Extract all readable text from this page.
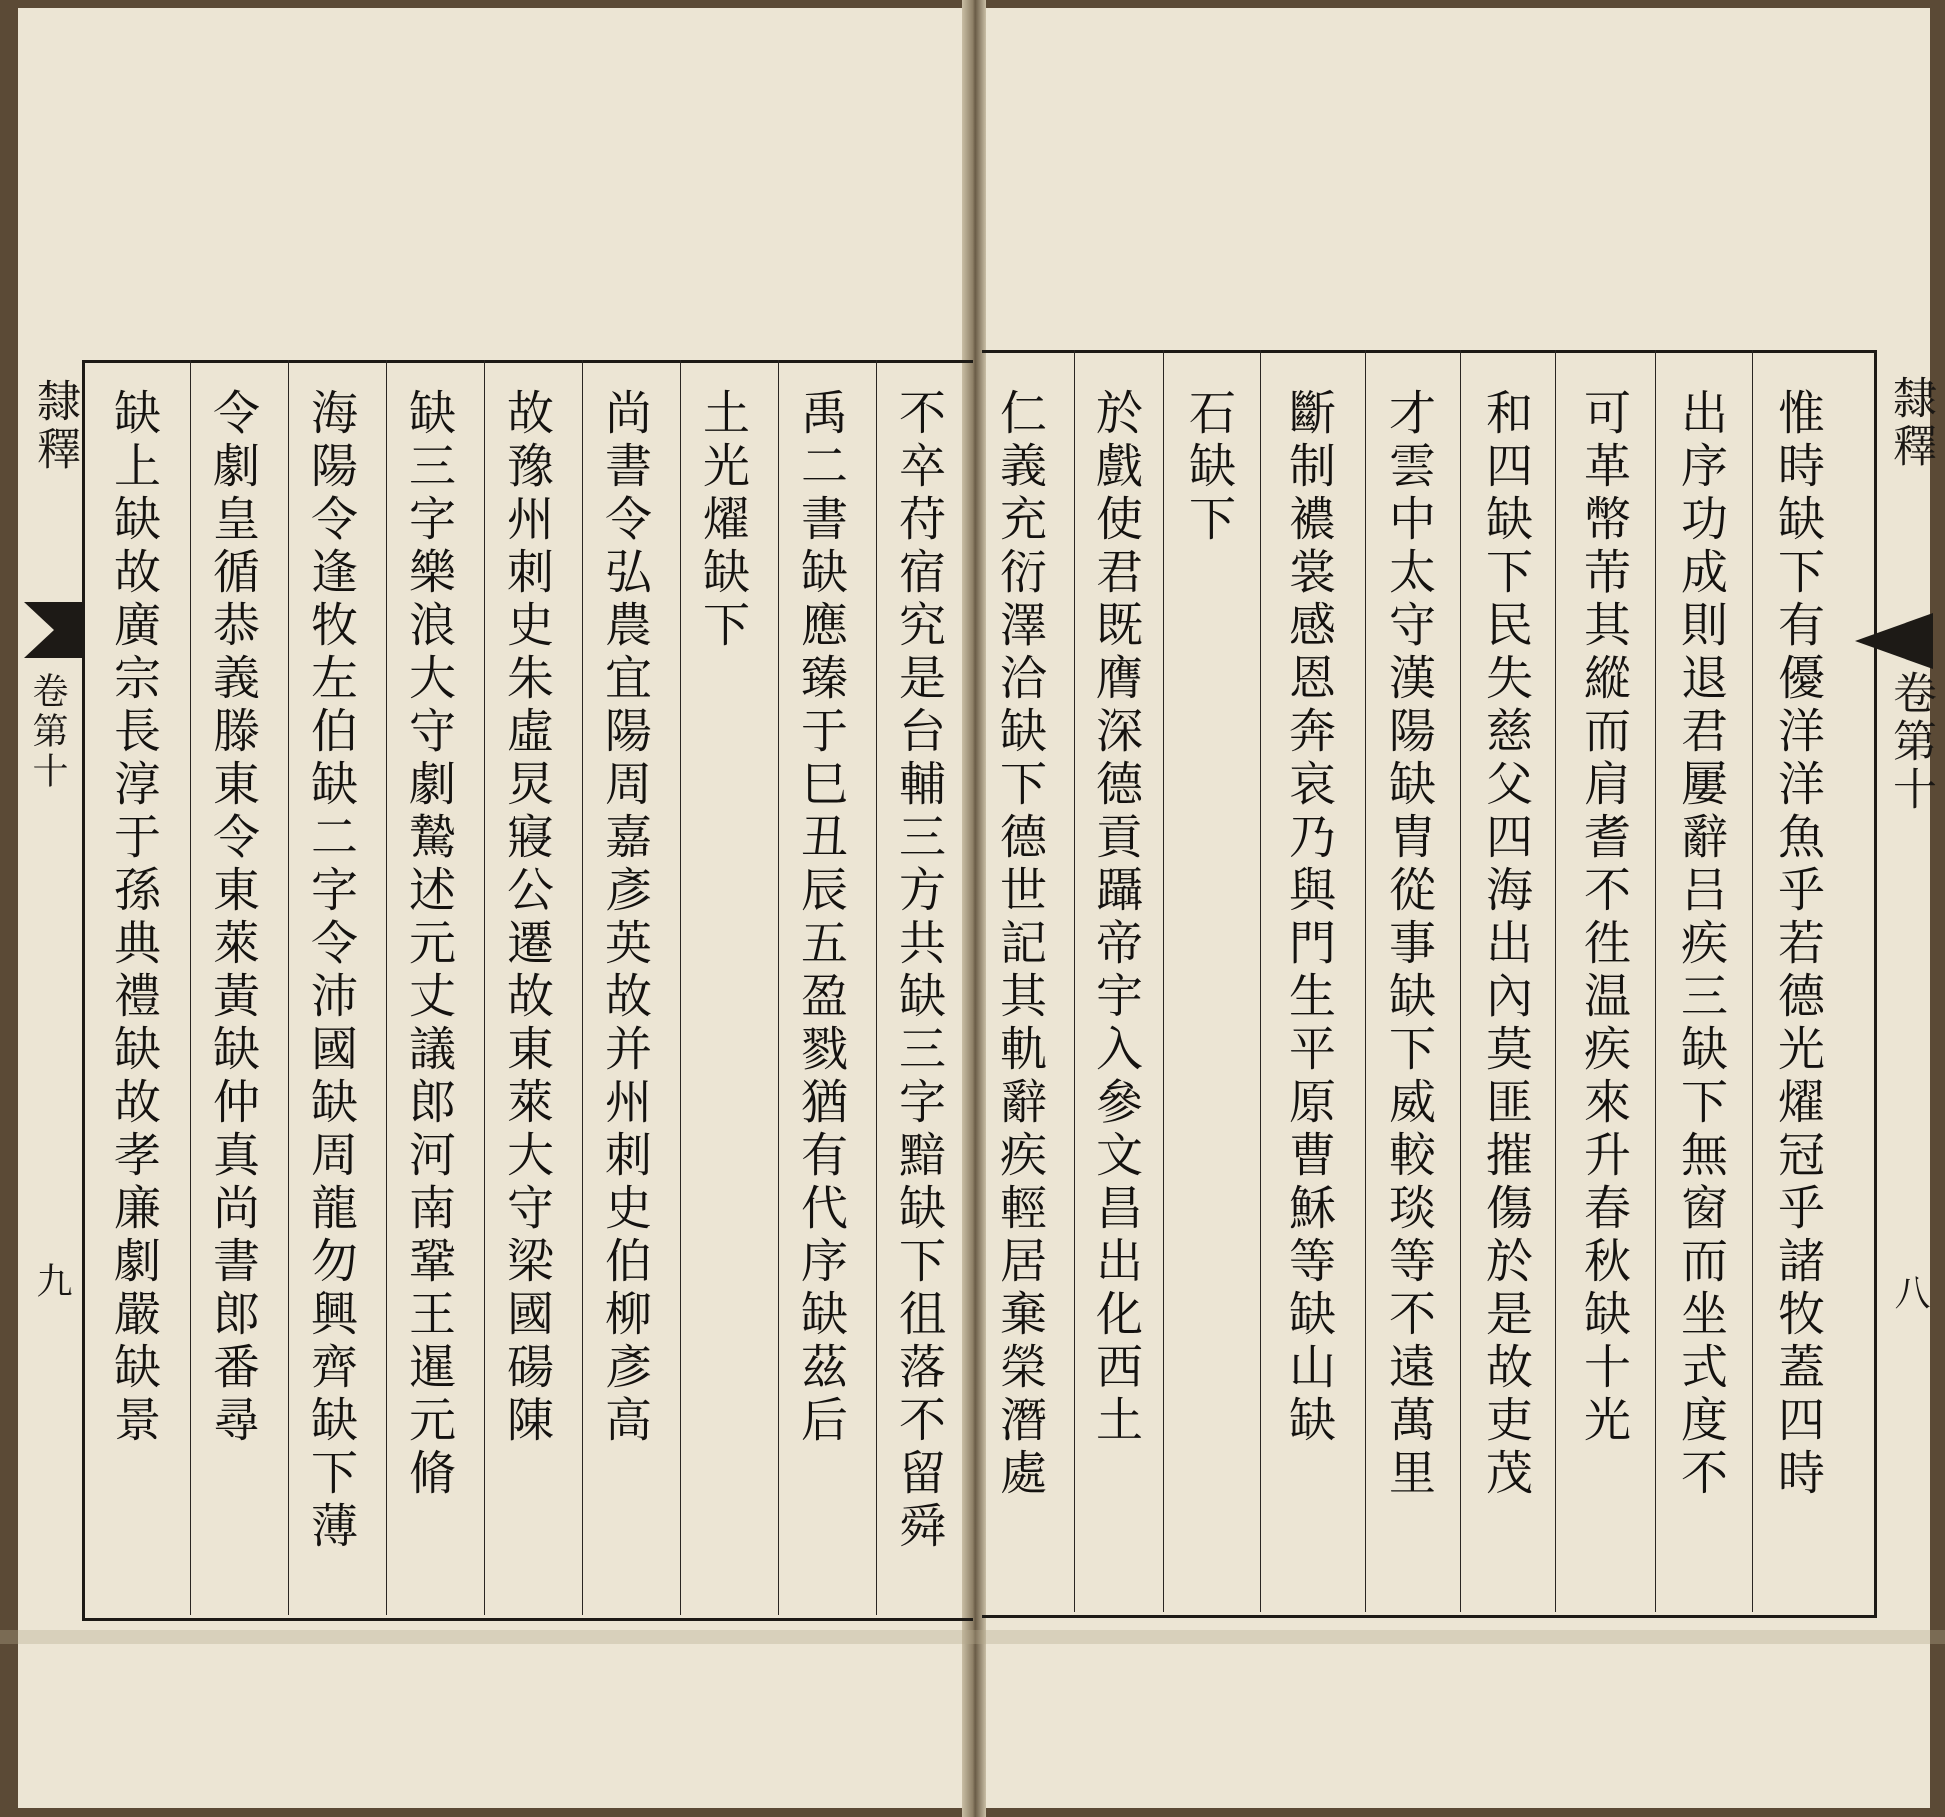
隸釋
卷第十
九
隸釋
卷第十
八
惟時缺下有優洋洋魚乎若德光燿冠乎諸牧蓋四時
出序功成則退君屢辭吕疾三缺下無窗而坐式度不
可革幣芾其縱而肩耆不徃温疾來升春秋缺十光
和四缺下民失慈父四海出內莫匪摧傷於是故吏茂
才雲中太守漢陽缺胄從事缺下威較琰等不遠萬里
斷制襛裳感恩奔哀乃與門生平原曹穌等缺山缺
石缺下
於戲使君既膺深德貢躡帝宇入參文昌出化西土
仁義充衍澤洽缺下德世記其軌辭疾輕居棄榮潛處
不卒苻宿究是台輔三方共缺三字黯缺下徂落不留舜
禹二書缺應臻于巳丑辰五盈戮猶有代序缺茲后
土光燿缺下
尚書令弘農宜陽周嘉彥英故并州刺史伯柳彥高
故豫州刺史朱虛炅寢公遷故東萊大守梁國碭陳
缺三字樂浪大守劇騺述元丈議郎河南鞏王暹元脩
海陽令逢牧左伯缺二字令沛國缺周龍勿興齊缺下薄
令劇皇循恭義滕東令東萊黃缺仲真尚書郎番尋
缺上缺故廣宗長淳于孫典禮缺故孝廉劇嚴缺景
